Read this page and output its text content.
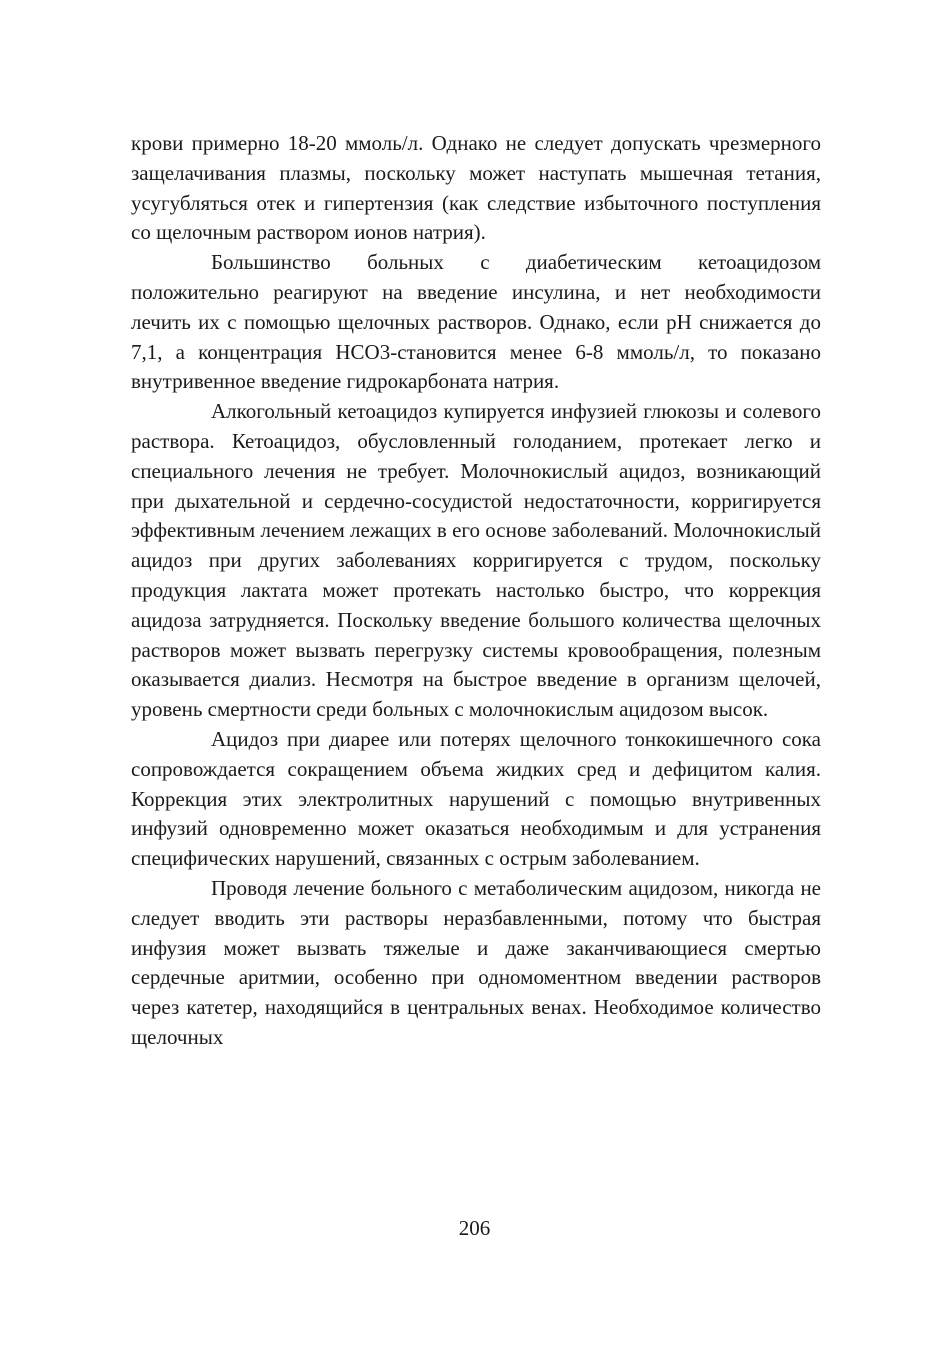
крови примерно 18-20 ммоль/л. Однако не следует допускать чрезмерного защелачивания плазмы, поскольку может наступать мышечная тетания, усугубляться отек и гипертензия (как следствие избыточного поступления со щелочным раствором ионов натрия).

Большинство больных с диабетическим кетоацидозом положительно реагируют на введение инсулина, и нет необходимости лечить их с помощью щелочных растворов. Однако, если pH снижается до 7,1, а концентрация НСО3-становится менее 6-8 ммоль/л, то показано внутривенное введение гидрокарбоната натрия.

Алкогольный кетоацидоз купируется инфузией глюкозы и солевого раствора. Кетоацидоз, обусловленный голоданием, протекает легко и специального лечения не требует. Молочнокислый ацидоз, возникающий при дыхательной и сердечно-сосудистой недостаточности, корригируется эффективным лечением лежащих в его основе заболеваний. Молочнокислый ацидоз при других заболеваниях корригируется с трудом, поскольку продукция лактата может протекать настолько быстро, что коррекция ацидоза затрудняется. Поскольку введение большого количества щелочных растворов может вызвать перегрузку системы кровообращения, полезным оказывается диализ. Несмотря на быстрое введение в организм щелочей, уровень смертности среди больных с молочнокислым ацидозом высок.

Ацидоз при диарее или потерях щелочного тонкокишечного сока сопровождается сокращением объема жидких сред и дефицитом калия. Коррекция этих электролитных нарушений с помощью внутривенных инфузий одновременно может оказаться необходимым и для устранения специфических нарушений, связанных с острым заболеванием.

Проводя лечение больного с метаболическим ацидозом, никогда не следует вводить эти растворы неразбавленными, потому что быстрая инфузия может вызвать тяжелые и даже заканчивающиеся смертью сердечные аритмии, особенно при одномоментном введении растворов через катетер, находящийся в центральных венах. Необходимое количество щелочных

206
